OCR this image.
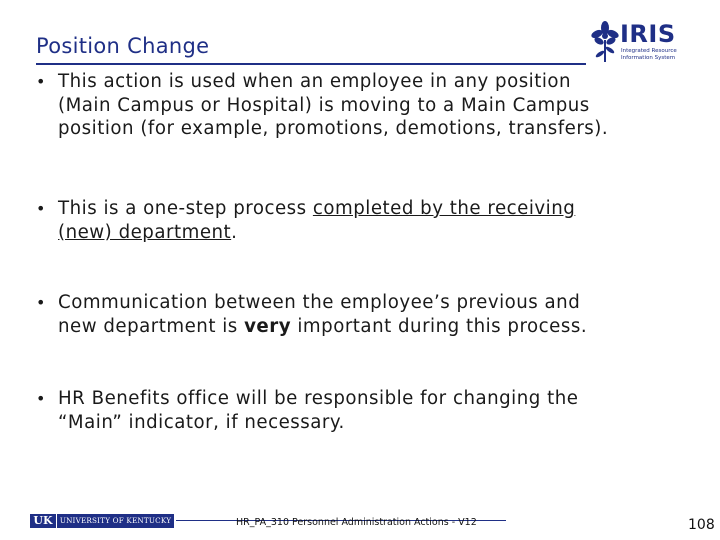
Position Change	IRIS
Integrated Resource
Information System
• This action is used when an employee in any position
(Main Campus or Hospital) is moving to a Main Campus
position (for example, promotions, demotions, transfers).
• This is a one-step process completed by the receiving
(new) department.
• Communication between the employee’s previous and
new department is very important during this process.
• HR Benefits office will be responsible for changing the
“Main” indicator, if necessary.
UK	UNIVERSITY OF KENTUCKY	HR_PA_310 Personnel Administration Actions - V12	108
